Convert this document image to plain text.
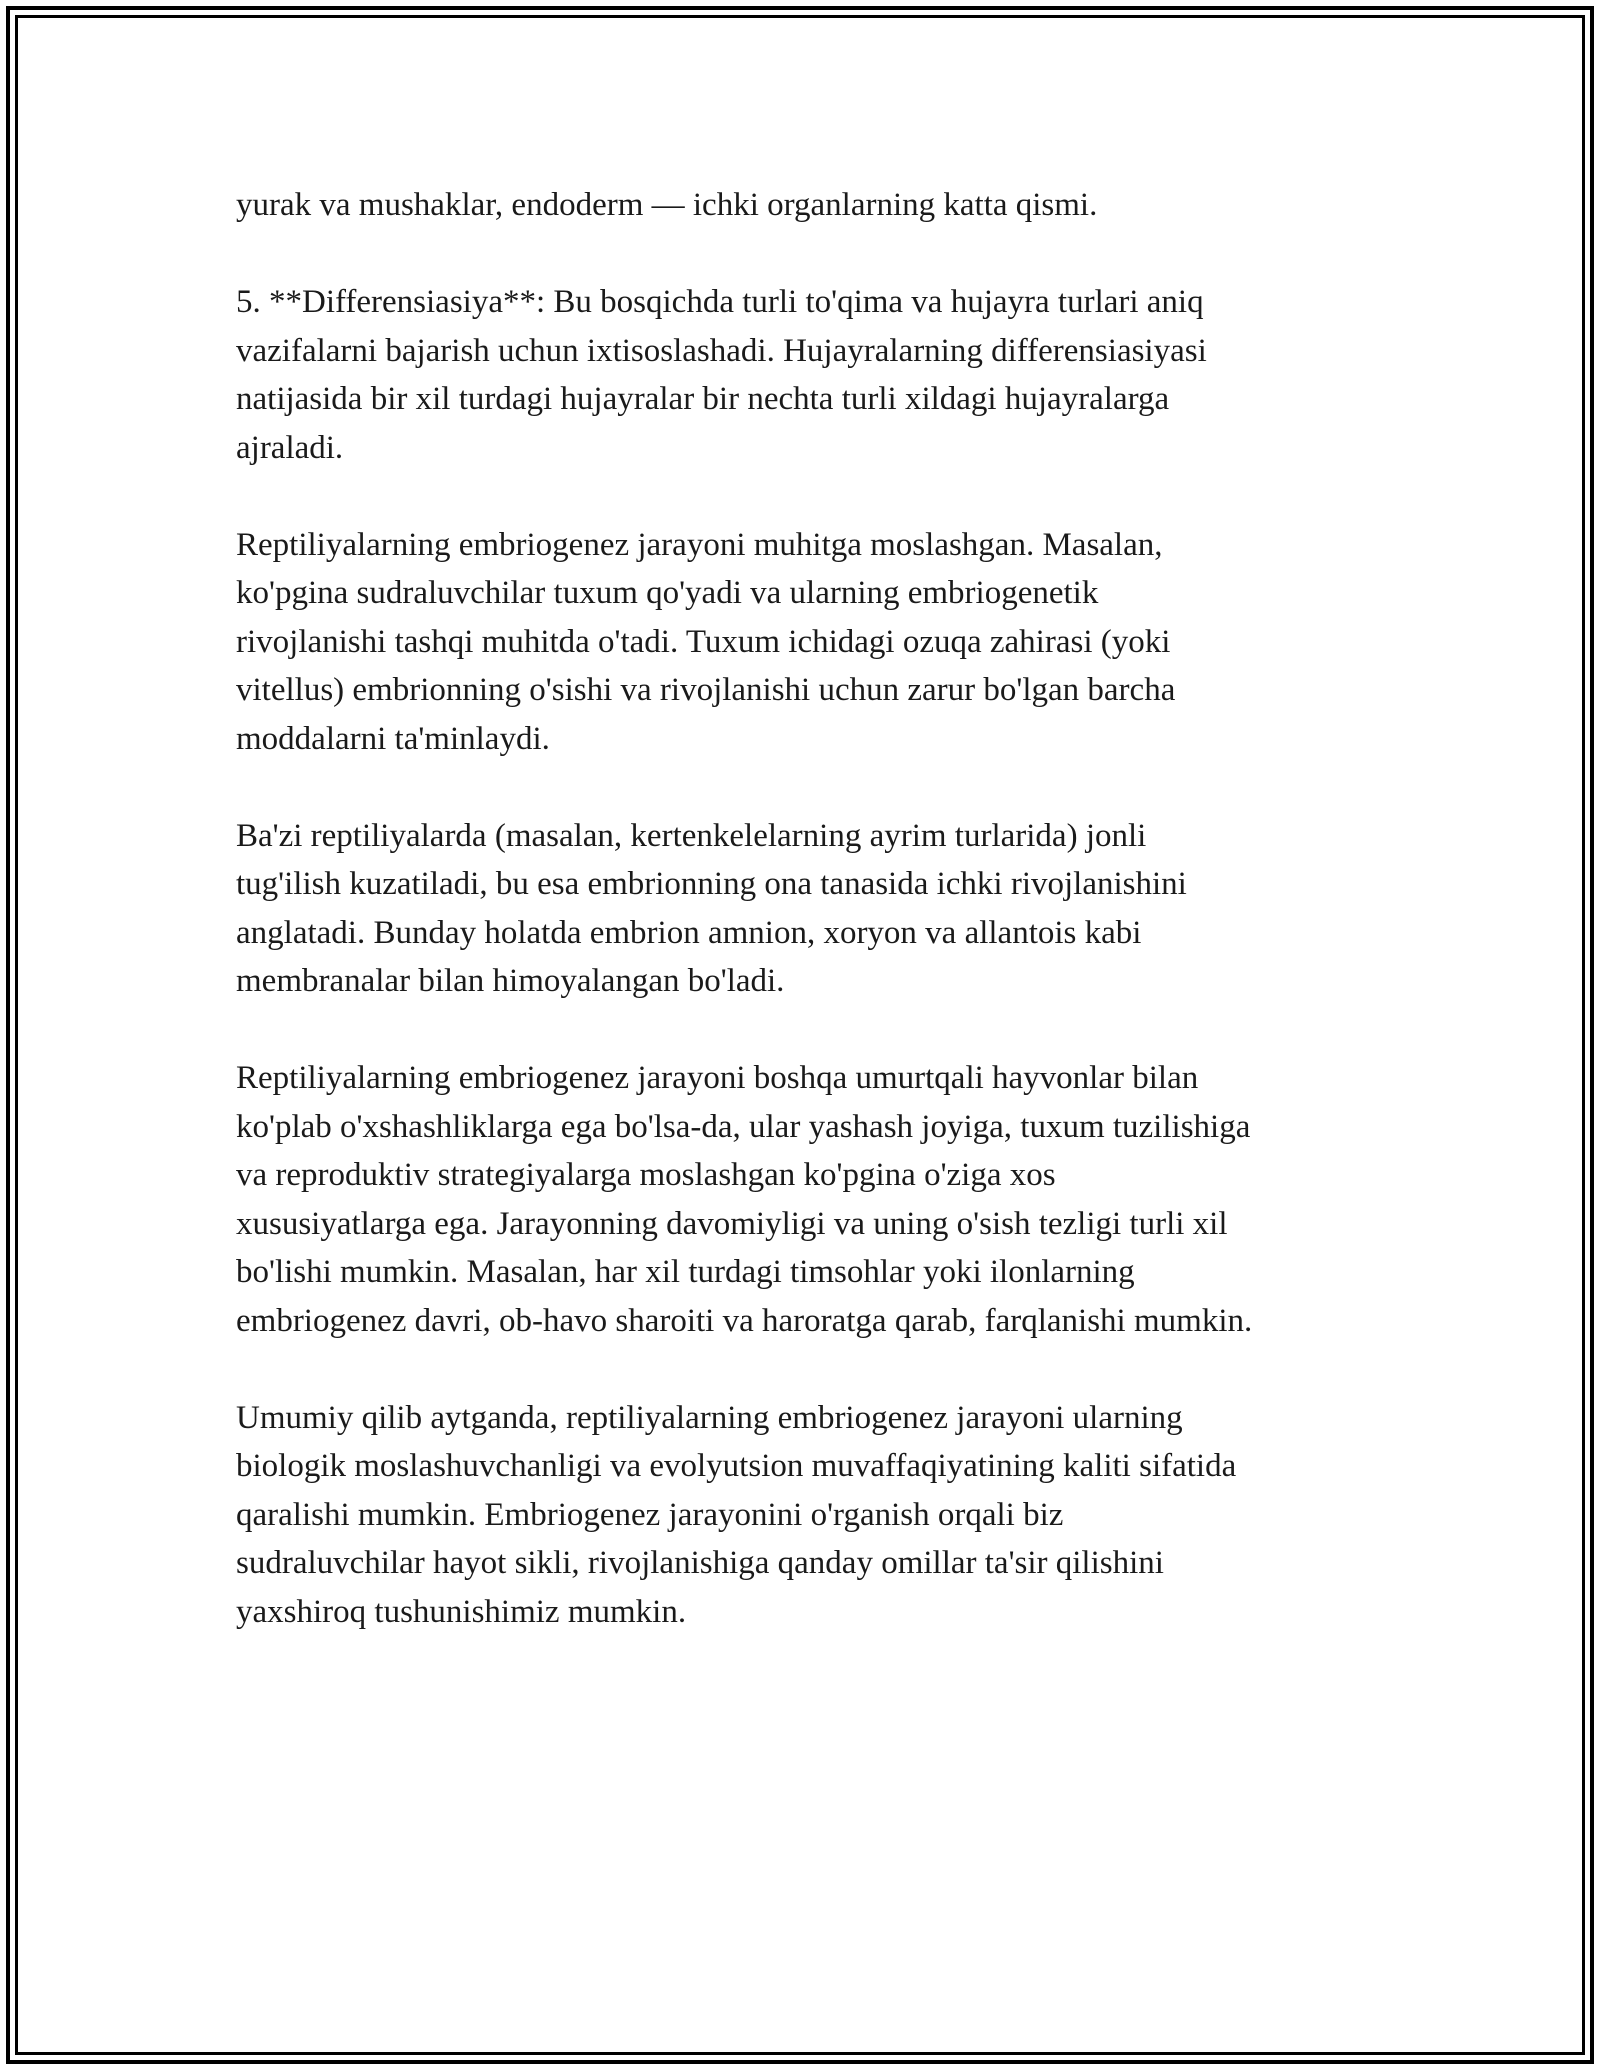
yurak va mushaklar, endoderm — ichki organlarning katta qismi.

5. **Differensiasiya**: Bu bosqichda turli to'qima va hujayra turlari aniq
vazifalarni bajarish uchun ixtisoslashadi. Hujayralarning differensiasiyasi
natijasida bir xil turdagi hujayralar bir nechta turli xildagi hujayralarga
ajraladi.

Reptiliyalarning embriogenez jarayoni muhitga moslashgan. Masalan,
ko'pgina sudraluvchilar tuxum qo'yadi va ularning embriogenetik
rivojlanishi tashqi muhitda o'tadi. Tuxum ichidagi ozuqa zahirasi (yoki
vitellus) embrionning o'sishi va rivojlanishi uchun zarur bo'lgan barcha
moddalarni ta'minlaydi.

Ba'zi reptiliyalarda (masalan, kertenkelelarning ayrim turlarida) jonli
tug'ilish kuzatiladi, bu esa embrionning ona tanasida ichki rivojlanishini
anglatadi. Bunday holatda embrion amnion, xoryon va allantois kabi
membranalar bilan himoyalangan bo'ladi.

Reptiliyalarning embriogenez jarayoni boshqa umurtqali hayvonlar bilan
ko'plab o'xshashliklarga ega bo'lsa-da, ular yashash joyiga, tuxum tuzilishiga
va reproduktiv strategiyalarga moslashgan ko'pgina o'ziga xos
xususiyatlarga ega. Jarayonning davomiyligi va uning o'sish tezligi turli xil
bo'lishi mumkin. Masalan, har xil turdagi timsohlar yoki ilonlarning
embriogenez davri, ob-havo sharoiti va haroratga qarab, farqlanishi mumkin.

Umumiy qilib aytganda, reptiliyalarning embriogenez jarayoni ularning
biologik moslashuvchanligi va evolyutsion muvaffaqiyatining kaliti sifatida
qaralishi mumkin. Embriogenez jarayonini o'rganish orqali biz
sudraluvchilar hayot sikli, rivojlanishiga qanday omillar ta'sir qilishini
yaxshiroq tushunishimiz mumkin.
